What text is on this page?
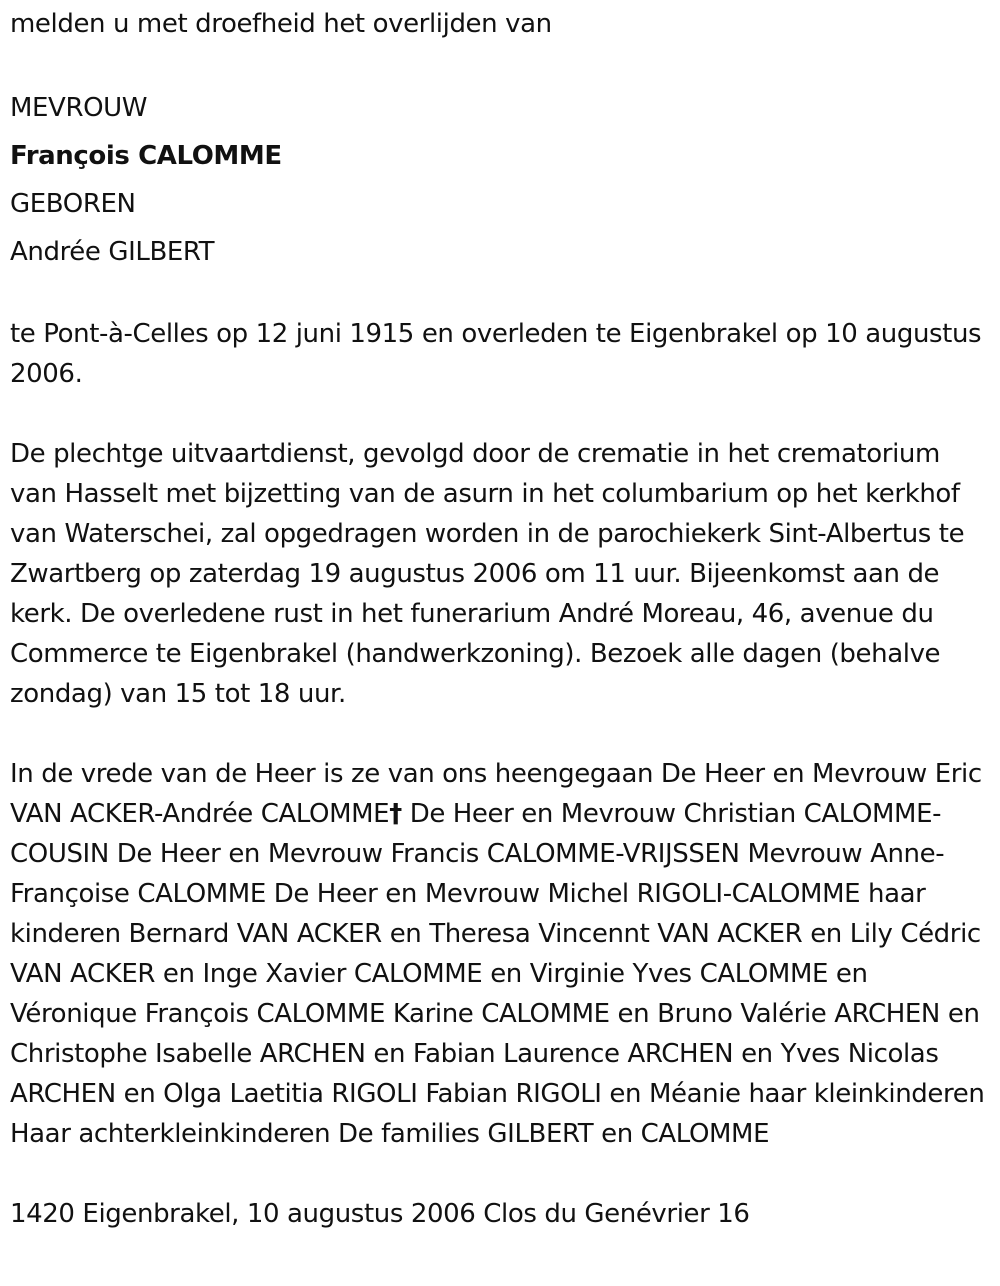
melden u met droefheid het overlijden van

MEVROUW

François CALOMME

GEBOREN

Andrée GILBERT

te Pont-à-Celles op 12 juni 1915 en overleden te Eigenbrakel op 10 augustus 2006.

De plechtge uitvaartdienst, gevolgd door de crematie in het crematorium van Hasselt met bijzetting van de asurn in het columbarium op het kerkhof van Waterschei, zal opgedragen worden in de parochiekerk Sint-Albertus te Zwartberg op zaterdag 19 augustus 2006 om 11 uur. Bijeenkomst aan de kerk. De overledene rust in het funerarium André Moreau, 46, avenue du Commerce te Eigenbrakel (handwerkzoning). Bezoek alle dagen (behalve zondag) van 15 tot 18 uur.

In de vrede van de Heer is ze van ons heengegaan De Heer en Mevrouw Eric VAN ACKER-Andrée CALOMME† De Heer en Mevrouw Christian CALOMME-COUSIN De Heer en Mevrouw Francis CALOMME-VRIJSSEN Mevrouw Anne-Françoise CALOMME De Heer en Mevrouw Michel RIGOLI-CALOMME haar kinderen Bernard VAN ACKER en Theresa Vincennt VAN ACKER en Lily Cédric VAN ACKER en Inge Xavier CALOMME en Virginie Yves CALOMME en Véronique François CALOMME Karine CALOMME en Bruno Valérie ARCHEN en Christophe Isabelle ARCHEN en Fabian Laurence ARCHEN en Yves Nicolas ARCHEN en Olga Laetitia RIGOLI Fabian RIGOLI en Méanie haar kleinkinderen Haar achterkleinkinderen De families GILBERT en CALOMME

1420 Eigenbrakel, 10 augustus 2006 Clos du Genévrier 16
